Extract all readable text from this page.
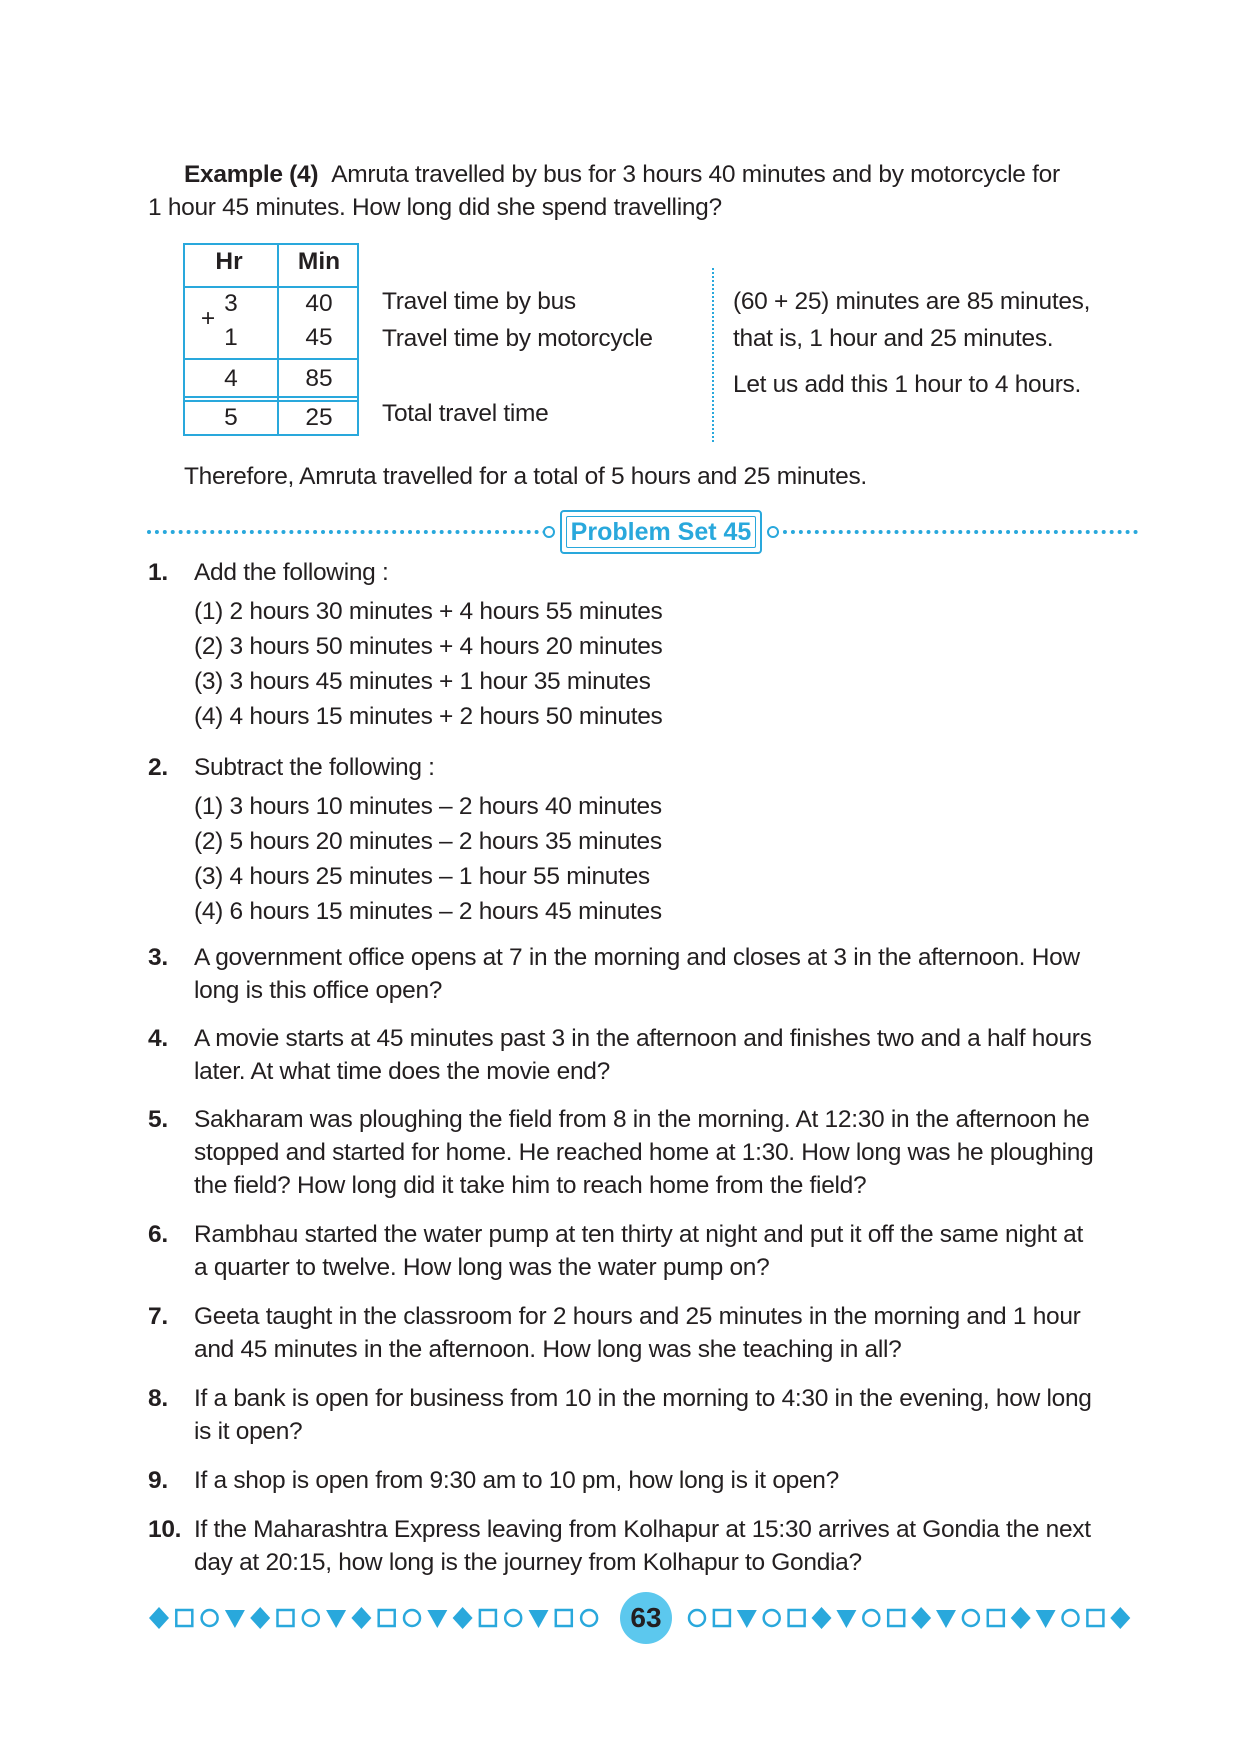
Example (4) Amruta travelled by bus for 3 hours 40 minutes and by motorcycle for
1 hour 45 minutes. How long did she spend travelling?
Hr	Min
3	40
1	45
4	85
5	25
+
Travel time by bus
Travel time by motorcycle
Total travel time
(60 + 25) minutes are 85 minutes,
that is, 1 hour and 25 minutes.
Let us add this 1 hour to 4 hours.
Therefore, Amruta travelled for a total of 5 hours and 25 minutes.
Problem Set 45
1.	Add the following :
(1) 2 hours 30 minutes + 4 hours 55 minutes
(2) 3 hours 50 minutes + 4 hours 20 minutes
(3) 3 hours 45 minutes + 1 hour 35 minutes
(4) 4 hours 15 minutes + 2 hours 50 minutes
2.	Subtract the following :
(1) 3 hours 10 minutes – 2 hours 40 minutes
(2) 5 hours 20 minutes – 2 hours 35 minutes
(3) 4 hours 25 minutes – 1 hour 55 minutes
(4) 6 hours 15 minutes – 2 hours 45 minutes
3.	A government office opens at 7 in the morning and closes at 3 in the afternoon. How
long is this office open?
4.	A movie starts at 45 minutes past 3 in the afternoon and finishes two and a half hours
later. At what time does the movie end?
5.	Sakharam was ploughing the field from 8 in the morning. At 12:30 in the afternoon he
stopped and started for home. He reached home at 1:30. How long was he ploughing
the field? How long did it take him to reach home from the field?
6.	Rambhau started the water pump at ten thirty at night and put it off the same night at
a quarter to twelve. How long was the water pump on?
7.	Geeta taught in the classroom for 2 hours and 25 minutes in the morning and 1 hour
and 45 minutes in the afternoon. How long was she teaching in all?
8.	If a bank is open for business from 10 in the morning to 4:30 in the evening, how long
is it open?
9.	If a shop is open from 9:30 am to 10 pm, how long is it open?
10. If the Maharashtra Express leaving from Kolhapur at 15:30 arrives at Gondia the next
day at 20:15, how long is the journey from Kolhapur to Gondia?
63
